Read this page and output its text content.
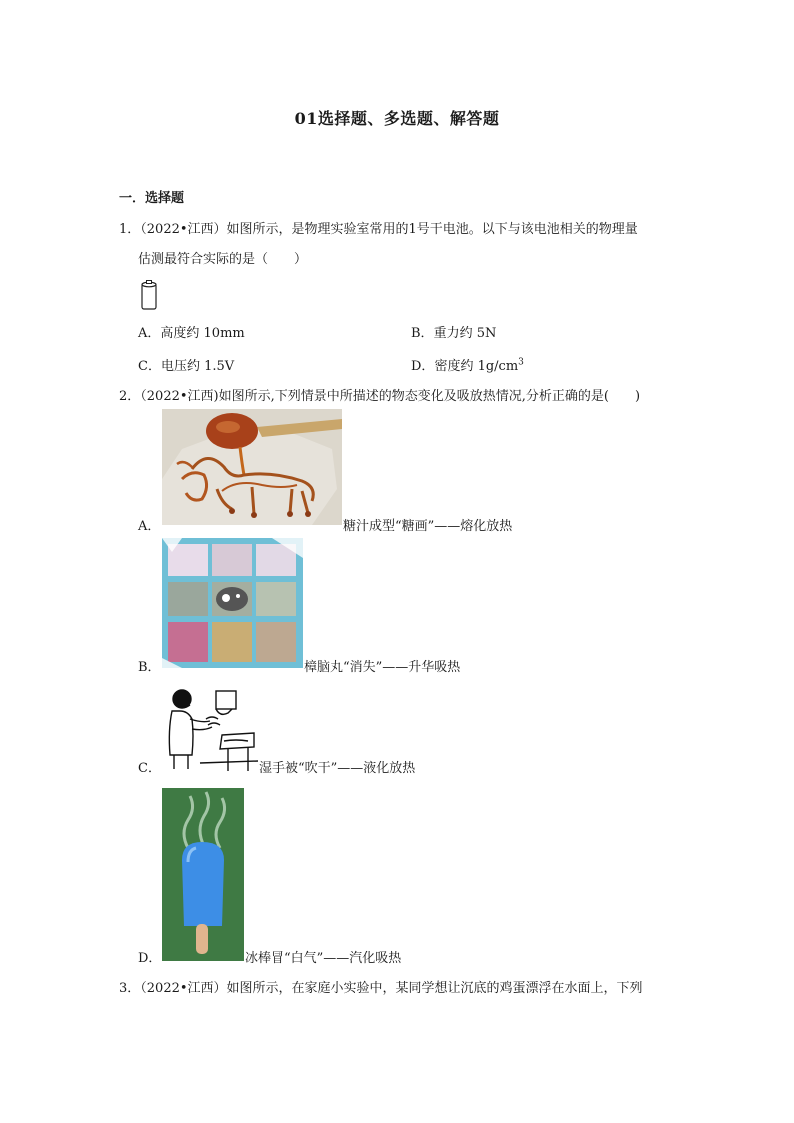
01选择题、多选题、解答题
一．选择题
1．（2022•江西）如图所示，是物理实验室常用的1号干电池。以下与该电池相关的物理量
估测最符合实际的是（　　）
A．高度约 10mm	B．重力约 5N
C．电压约 1.5V	D．密度约 $1g/cm^3$
2．（2022•江西)如图所示,下列情景中所描述的物态变化及吸放热情况,分析正确的是(　　)
A．	糖汁成型“糖画”——熔化放热
B．	樟脑丸“消失”——升华吸热
C．	湿手被“吹干”——液化放热
D．	冰棒冒“白气”——汽化吸热
3．（2022•江西）如图所示，在家庭小实验中，某同学想让沉底的鸡蛋漂浮在水面上，下列
